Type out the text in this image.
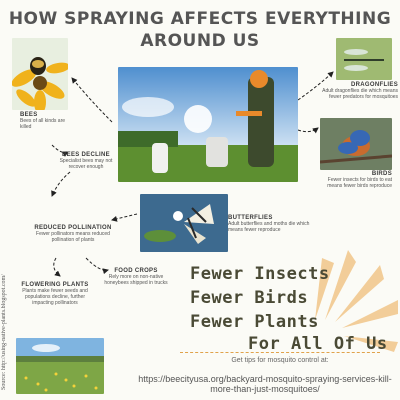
HOW SPRAYING AFFECTS EVERYTHING
AROUND US
Source: http://using-native-plants.blogspot.com/
BEES
Bees of all kinds are killed
BEES DECLINE
Specialist bees may not recover enough
REDUCED POLLINATION
Fewer pollinators means reduced pollination of plants
FOOD CROPS
Rely more on non-native honeybees shipped in trucks
FLOWERING PLANTS
Plants make fewer seeds and populations decline, further impacting pollinators
DRAGONFLIES
Adult dragonflies die which means fewer predators for mosquitoes
BIRDS
Fewer insects for birds to eat means fewer birds reproduce
BUTTERFLIES
Adult butterflies and moths die which means fewer reproduce
Fewer Insects
Fewer Birds
Fewer Plants
For All Of Us
Get tips for mosquito control at:
https://beecityusa.org/backyard-mosquito-spraying-services-kill-more-than-just-mosquitoes/
